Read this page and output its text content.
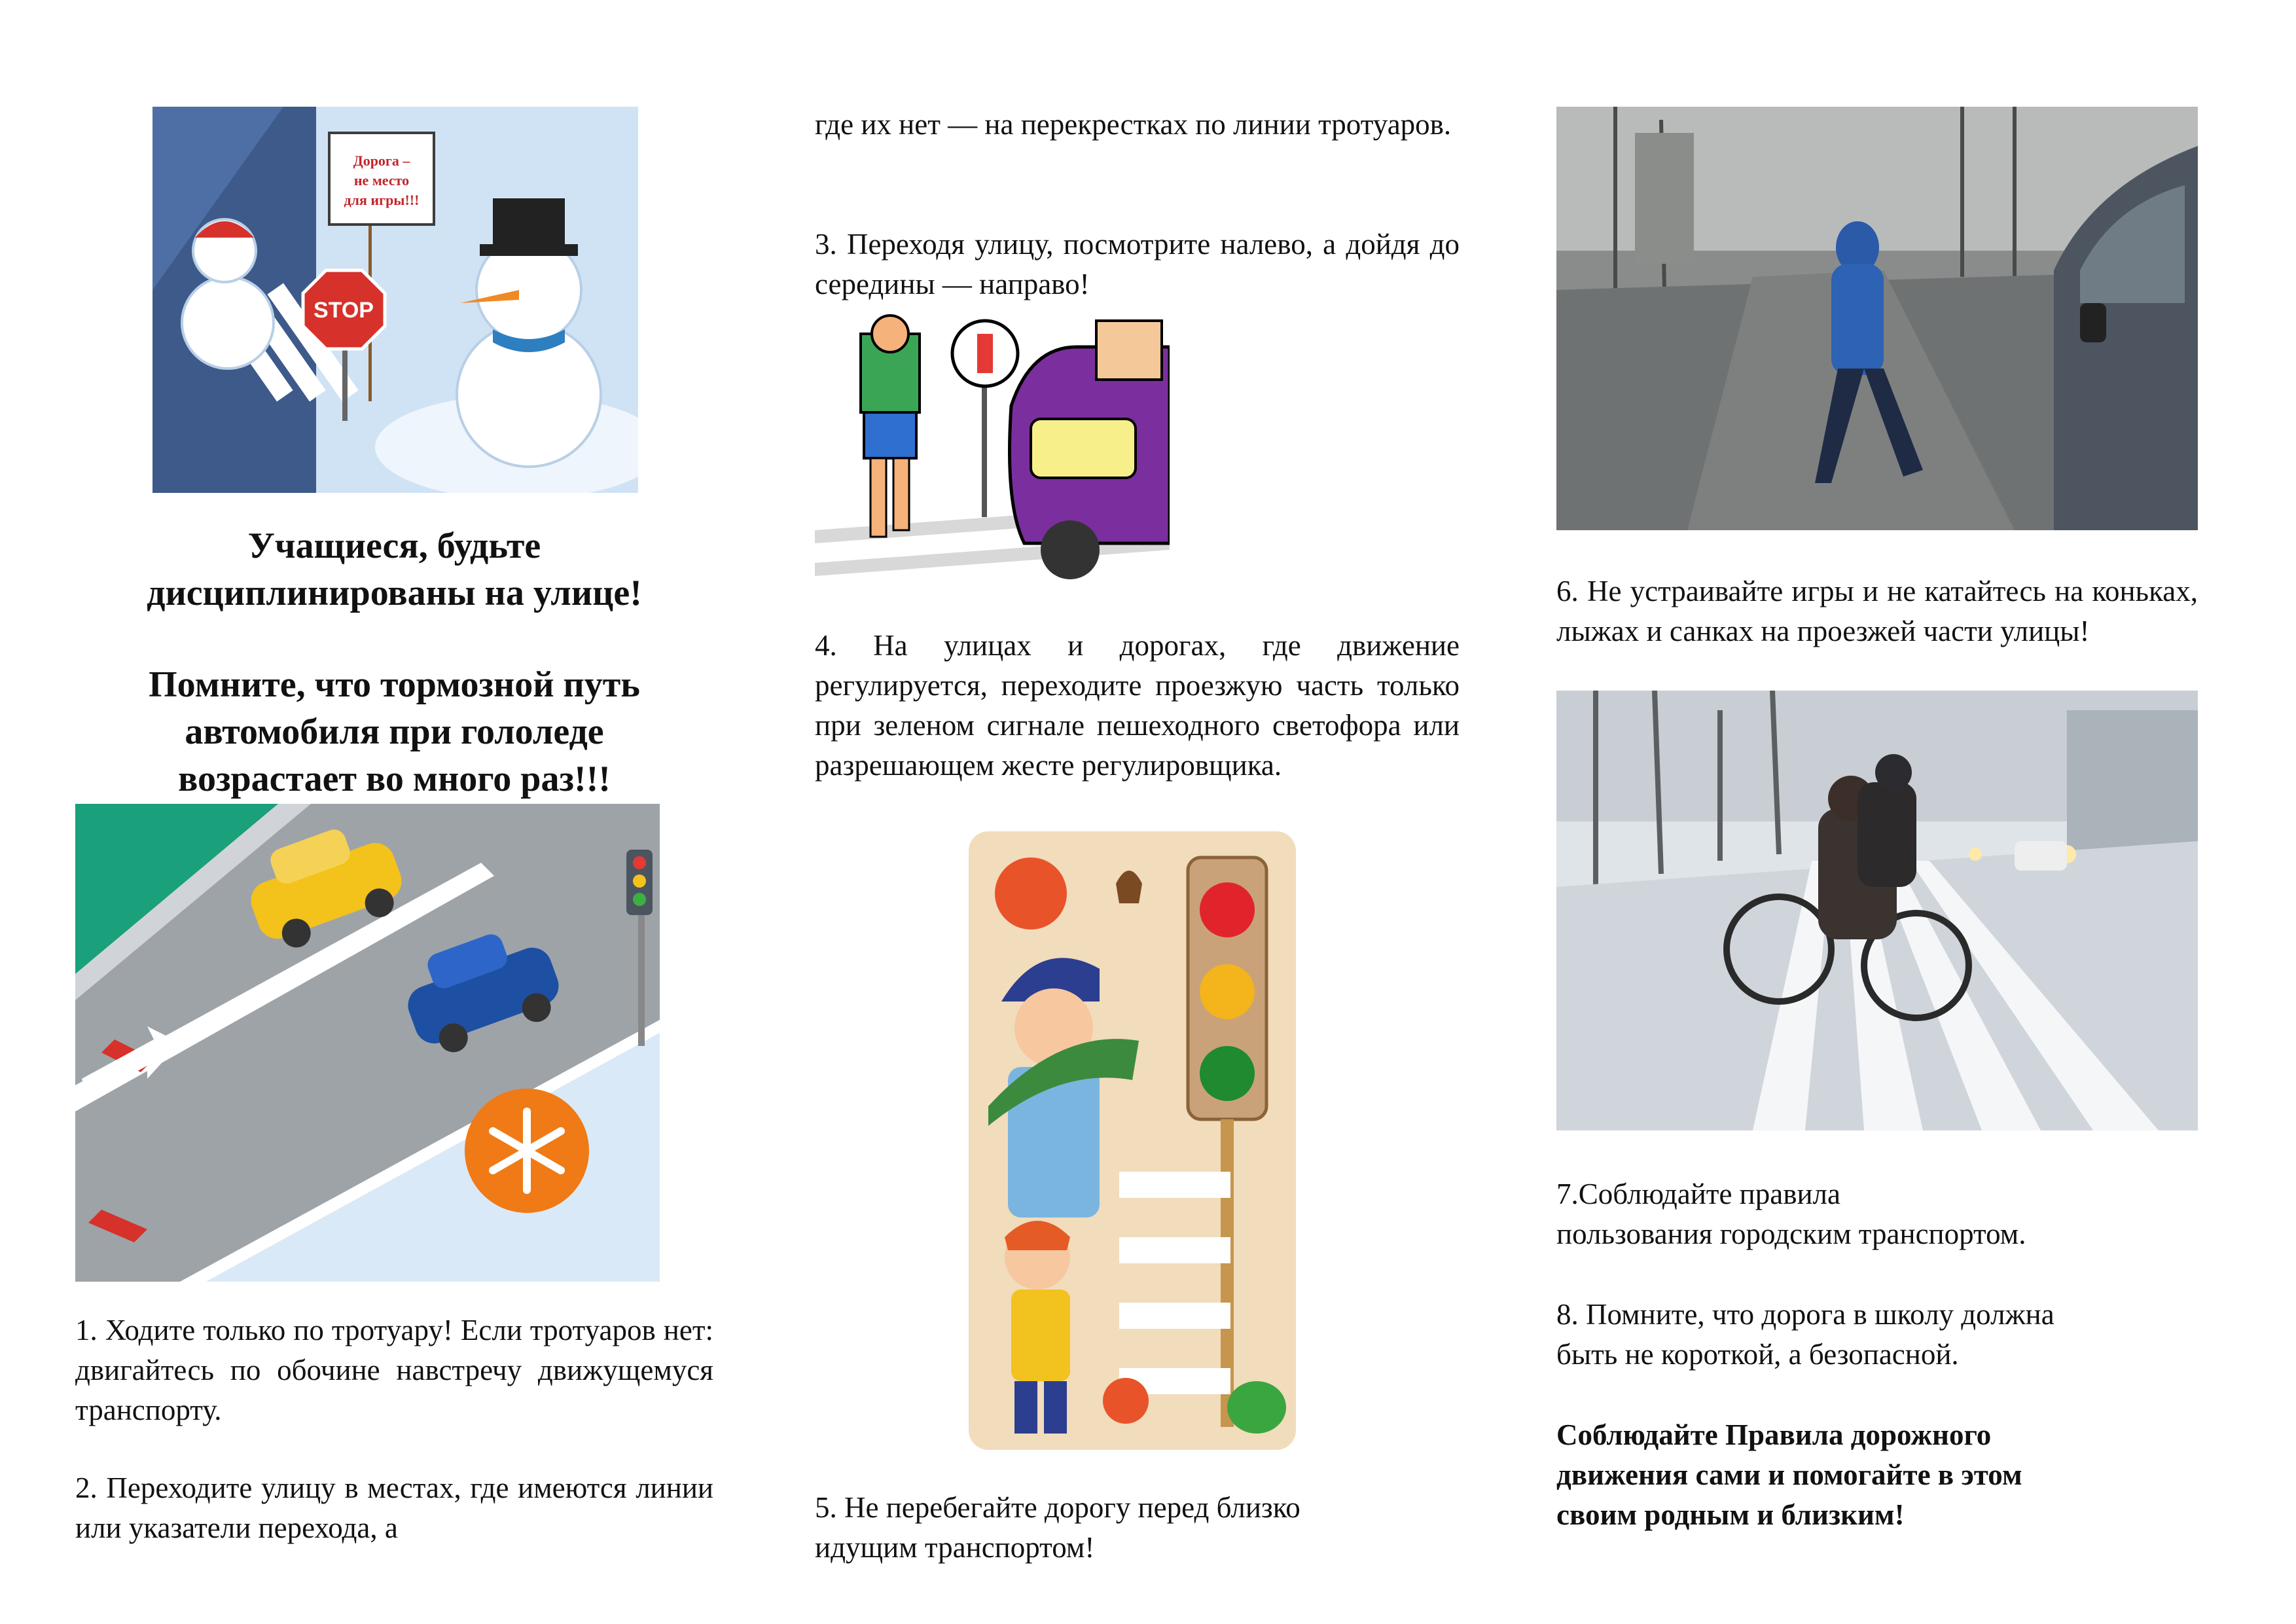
STOP
Дорога –
не место
для игры!!!
Учащиеся, будьте
дисциплинированы на улице!
Помните, что тормозной путь
автомобиля при гололеде
возрастает во много раз!!!
1. Ходите только по тротуару! Если тротуаров нет: двигайтесь по обочине навстречу движущемуся транспорту.
2. Переходите улицу в местах, где имеются линии или указатели перехода, а
где их нет — на перекрестках по линии тротуаров.
3. Переходя улицу, посмотрите налево, а дойдя до середины — направо!
4. На улицах и дорогах, где движение регулируется, переходите проезжую часть только при зеленом сигнале пешеходного светофора или разрешающем жесте регулировщика.
5. Не перебегайте дорогу перед близко
идущим транспортом!
6. Не устраивайте игры и не катайтесь на коньках, лыжах и санках на проезжей части улицы!
7.Соблюдайте правила
пользования городским транспортом.
8. Помните, что дорога в школу должна
быть не короткой, а безопасной.
Соблюдайте Правила дорожного
движения сами и помогайте в этом
своим родным и близким!
